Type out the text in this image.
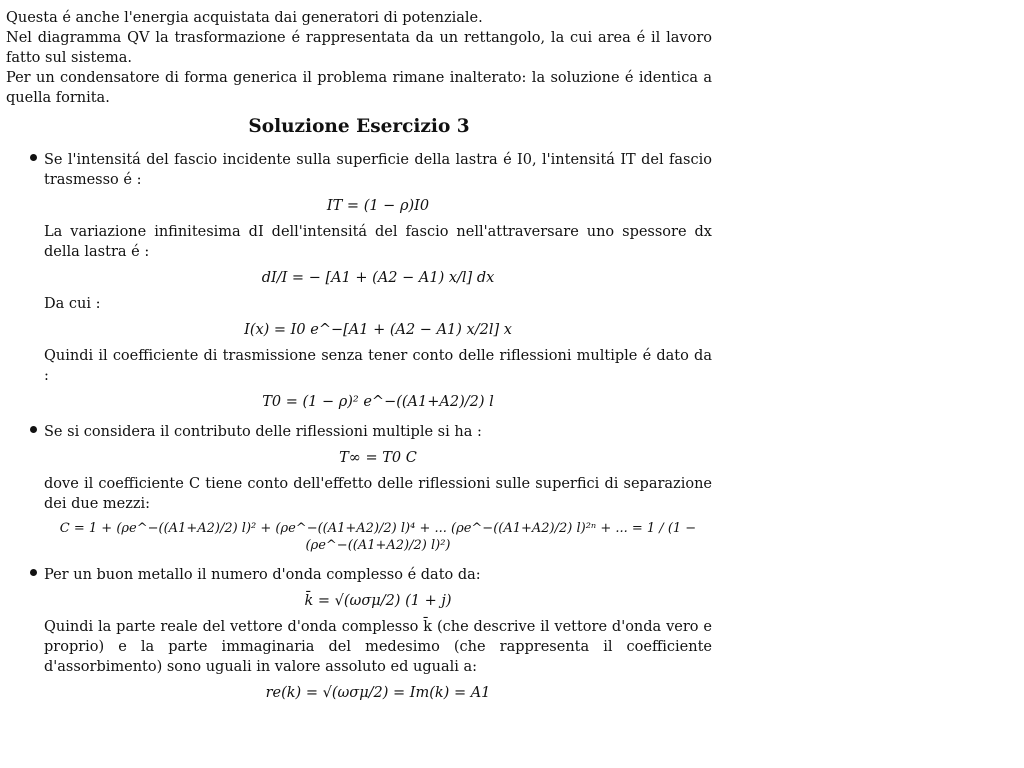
Questa é anche l'energia acquistata dai generatori di potenziale.

Nel diagramma QV la trasformazione é rappresentata da un rettangolo, la cui area é il lavoro fatto sul sistema.

Per un condensatore di forma generica il problema rimane inalterato: la soluzione é identica a quella fornita.

Soluzione Esercizio 3

Se l'intensitá del fascio incidente sulla superficie della lastra é I0, l'intensitá IT del fascio trasmesso é :

IT = (1 − ρ)I0

La variazione infinitesima dI dell'intensitá del fascio nell'attraversare uno spessore dx della lastra é :

dI/I = − [A1 + (A2 − A1) x/l] dx

Da cui :

I(x) = I0 e^−[A1 + (A2 − A1) x/2l] x

Quindi il coefficiente di trasmissione senza tener conto delle riflessioni multiple é dato da :

T0 = (1 − ρ)² e^−((A1+A2)/2) l

Se si considera il contributo delle riflessioni multiple si ha :

T∞ = T0 C

dove il coefficiente C tiene conto dell'effetto delle riflessioni sulle superfici di separazione dei due mezzi:

C = 1 + (ρe^−((A1+A2)/2) l)² + (ρe^−((A1+A2)/2) l)⁴ + ... (ρe^−((A1+A2)/2) l)²ⁿ + ... = 1 / (1 − (ρe^−((A1+A2)/2) l)²)

Per un buon metallo il numero d'onda complesso é dato da:

k̄ = √(ωσμ/2) (1 + j)

Quindi la parte reale del vettore d'onda complesso k̄ (che descrive il vettore d'onda vero e proprio) e la parte immaginaria del medesimo (che rappresenta il coefficiente d'assorbimento) sono uguali in valore assoluto ed uguali a:

re(k) = √(ωσμ/2) = Im(k) = A1
